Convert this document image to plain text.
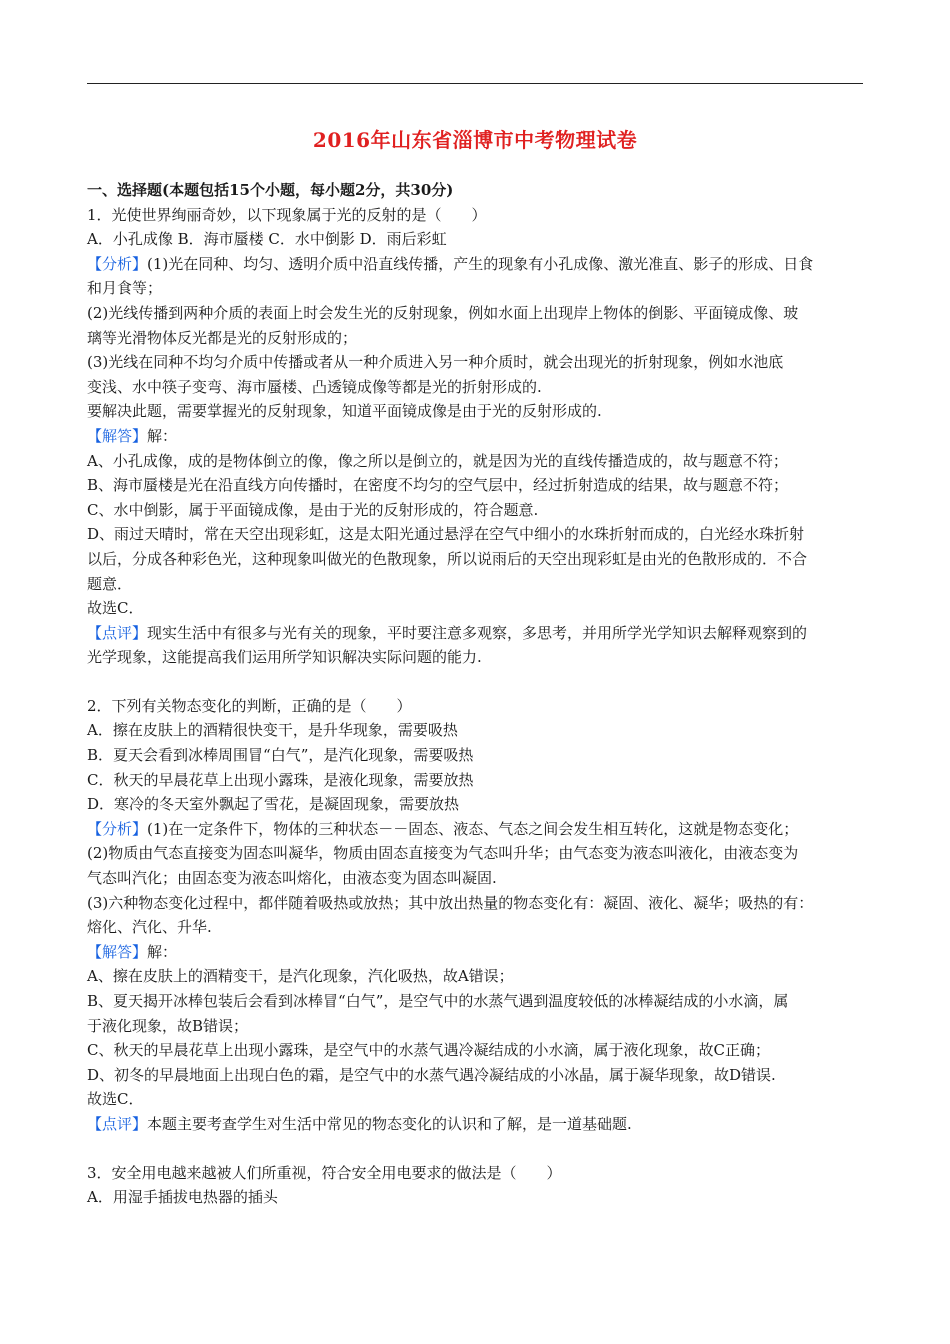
2016年山东省淄博市中考物理试卷
一、选择题(本题包括15个小题，每小题2分，共30分)
1．光使世界绚丽奇妙，以下现象属于光的反射的是（　　）
A．小孔成像 B．海市蜃楼 C．水中倒影 D．雨后彩虹
【分析】(1)光在同种、均匀、透明介质中沿直线传播，产生的现象有小孔成像、激光准直、影子的形成、日食
和月食等；
(2)光线传播到两种介质的表面上时会发生光的反射现象，例如水面上出现岸上物体的倒影、平面镜成像、玻
璃等光滑物体反光都是光的反射形成的；
(3)光线在同种不均匀介质中传播或者从一种介质进入另一种介质时，就会出现光的折射现象，例如水池底
变浅、水中筷子变弯、海市蜃楼、凸透镜成像等都是光的折射形成的.
要解决此题，需要掌握光的反射现象，知道平面镜成像是由于光的反射形成的.
【解答】解：
A、小孔成像，成的是物体倒立的像，像之所以是倒立的，就是因为光的直线传播造成的，故与题意不符；
B、海市蜃楼是光在沿直线方向传播时，在密度不均匀的空气层中，经过折射造成的结果，故与题意不符；
C、水中倒影，属于平面镜成像，是由于光的反射形成的，符合题意.
D、雨过天晴时，常在天空出现彩虹，这是太阳光通过悬浮在空气中细小的水珠折射而成的，白光经水珠折射
以后，分成各种彩色光，这种现象叫做光的色散现象，所以说雨后的天空出现彩虹是由光的色散形成的．不合
题意．
故选C．
【点评】现实生活中有很多与光有关的现象，平时要注意多观察，多思考，并用所学光学知识去解释观察到的
光学现象，这能提高我们运用所学知识解决实际问题的能力.
2．下列有关物态变化的判断，正确的是（　　）
A．擦在皮肤上的酒精很快变干，是升华现象，需要吸热
B．夏天会看到冰棒周围冒“白气”，是汽化现象，需要吸热
C．秋天的早晨花草上出现小露珠，是液化现象，需要放热
D．寒冷的冬天室外飘起了雪花，是凝固现象，需要放热
【分析】(1)在一定条件下，物体的三种状态－－固态、液态、气态之间会发生相互转化，这就是物态变化；
(2)物质由气态直接变为固态叫凝华，物质由固态直接变为气态叫升华；由气态变为液态叫液化，由液态变为
气态叫汽化；由固态变为液态叫熔化，由液态变为固态叫凝固.
(3)六种物态变化过程中，都伴随着吸热或放热；其中放出热量的物态变化有：凝固、液化、凝华；吸热的有：
熔化、汽化、升华.
【解答】解：
A、擦在皮肤上的酒精变干，是汽化现象，汽化吸热，故A错误；
B、夏天揭开冰棒包装后会看到冰棒冒“白气”，是空气中的水蒸气遇到温度较低的冰棒凝结成的小水滴，属
于液化现象，故B错误；
C、秋天的早晨花草上出现小露珠，是空气中的水蒸气遇冷凝结成的小水滴，属于液化现象，故C正确；
D、初冬的早晨地面上出现白色的霜，是空气中的水蒸气遇冷凝结成的小冰晶，属于凝华现象，故D错误.
故选C．
【点评】本题主要考查学生对生活中常见的物态变化的认识和了解，是一道基础题.
3．安全用电越来越被人们所重视，符合安全用电要求的做法是（　　）
A．用湿手插拔电热器的插头
